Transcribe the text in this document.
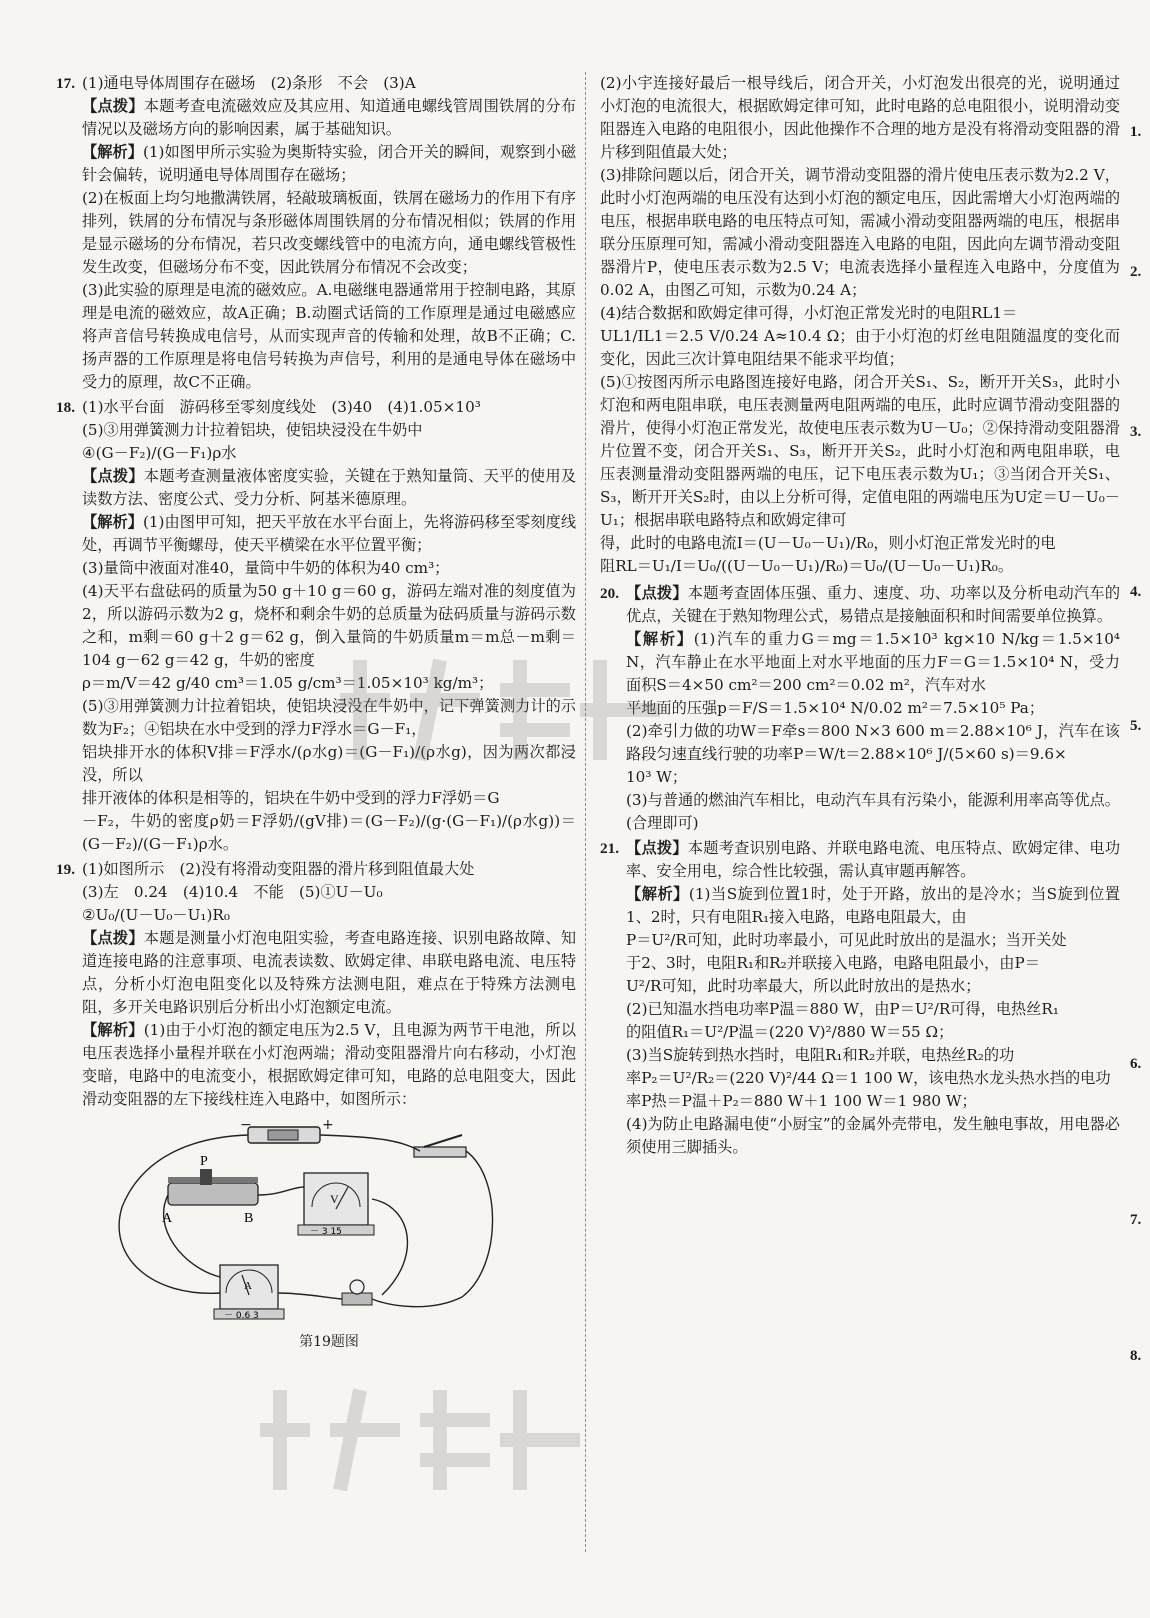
17. (1)通电导体周围存在磁场　(2)条形　不会　(3)A

【点拨】本题考查电流磁效应及其应用、知道通电螺线管周围铁屑的分布情况以及磁场方向的影响因素，属于基础知识。

【解析】(1)如图甲所示实验为奥斯特实验，闭合开关的瞬间，观察到小磁针会偏转，说明通电导体周围存在磁场；

(2)在板面上均匀地撒满铁屑，轻敲玻璃板面，铁屑在磁场力的作用下有序排列，铁屑的分布情况与条形磁体周围铁屑的分布情况相似；铁屑的作用是显示磁场的分布情况，若只改变螺线管中的电流方向，通电螺线管极性发生改变，但磁场分布不变，因此铁屑分布情况不会改变；

(3)此实验的原理是电流的磁效应。A.电磁继电器通常用于控制电路，其原理是电流的磁效应，故A正确；B.动圈式话筒的工作原理是通过电磁感应将声音信号转换成电信号，从而实现声音的传输和处理，故B不正确；C.扬声器的工作原理是将电信号转换为声信号，利用的是通电导体在磁场中受力的原理，故C不正确。

18. (1)水平台面　游码移至零刻度线处　(3)40　(4)1.05×10³

(5)③用弹簧测力计拉着铝块，使铝块浸没在牛奶中

④(G－F₂)/(G－F₁)ρ水

【点拨】本题考查测量液体密度实验，关键在于熟知量筒、天平的使用及读数方法、密度公式、受力分析、阿基米德原理。

【解析】(1)由图甲可知，把天平放在水平台面上，先将游码移至零刻度线处，再调节平衡螺母，使天平横梁在水平位置平衡；

(3)量筒中液面对准40，量筒中牛奶的体积为40 cm³；

(4)天平右盘砝码的质量为50 g＋10 g＝60 g，游码左端对准的刻度值为2，所以游码示数为2 g，烧杯和剩余牛奶的总质量为砝码质量与游码示数之和，m剩＝60 g＋2 g＝62 g，倒入量筒的牛奶质量m＝m总－m剩＝104 g－62 g＝42 g，牛奶的密度

ρ＝m/V＝42 g/40 cm³＝1.05 g/cm³＝1.05×10³ kg/m³；

(5)③用弹簧测力计拉着铝块，使铝块浸没在牛奶中，记下弹簧测力计的示数为F₂；④铝块在水中受到的浮力F浮水＝G－F₁，

铝块排开水的体积V排＝F浮水/(ρ水g)＝(G－F₁)/(ρ水g)，因为两次都浸没，所以

排开液体的体积是相等的，铝块在牛奶中受到的浮力F浮奶＝G

－F₂，牛奶的密度ρ奶＝F浮奶/(gV排)＝(G－F₂)/(g·(G－F₁)/(ρ水g))＝(G－F₂)/(G－F₁)ρ水。

19. (1)如图所示　(2)没有将滑动变阻器的滑片移到阻值最大处

(3)左　0.24　(4)10.4　不能　(5)①U－U₀

②U₀/(U－U₀－U₁)R₀

【点拨】本题是测量小灯泡电阻实验，考查电路连接、识别电路故障、知道连接电路的注意事项、电流表读数、欧姆定律、串联电路电流、电压特点，分析小灯泡电阻变化以及特殊方法测电阻，难点在于特殊方法测电阻，多开关电路识别后分析出小灯泡额定电流。

【解析】(1)由于小灯泡的额定电压为2.5 V，且电源为两节干电池，所以电压表选择小量程并联在小灯泡两端；滑动变阻器滑片向右移动，小灯泡变暗，电路中的电流变小，根据欧姆定律可知，电路的总电阻变大，因此滑动变阻器的左下接线柱连入电路中，如图所示：

−	+
P
A	B
V
－ 3 15
A
－ 0.6 3
第19题图

(2)小宇连接好最后一根导线后，闭合开关，小灯泡发出很亮的光，说明通过小灯泡的电流很大，根据欧姆定律可知，此时电路的总电阻很小，说明滑动变阻器连入电路的电阻很小，因此他操作不合理的地方是没有将滑动变阻器的滑片移到阻值最大处；

(3)排除问题以后，闭合开关，调节滑动变阻器的滑片使电压表示数为2.2 V，此时小灯泡两端的电压没有达到小灯泡的额定电压，因此需增大小灯泡两端的电压，根据串联电路的电压特点可知，需减小滑动变阻器两端的电压，根据串联分压原理可知，需减小滑动变阻器连入电路的电阻，因此向左调节滑动变阻器滑片P，使电压表示数为2.5 V；电流表选择小量程连入电路中，分度值为0.02 A，由图乙可知，示数为0.24 A；

(4)结合数据和欧姆定律可得，小灯泡正常发光时的电阻RL1＝

UL1/IL1＝2.5 V/0.24 A≈10.4 Ω；由于小灯泡的灯丝电阻随温度的变化而变化，因此三次计算电阻结果不能求平均值；

(5)①按图丙所示电路图连接好电路，闭合开关S₁、S₂，断开开关S₃，此时小灯泡和两电阻串联，电压表测量两电阻两端的电压，此时应调节滑动变阻器的滑片，使得小灯泡正常发光，故使电压表示数为U－U₀；②保持滑动变阻器滑片位置不变，闭合开关S₁、S₃，断开开关S₂，此时小灯泡和两电阻串联，电压表测量滑动变阻器两端的电压，记下电压表示数为U₁；③当闭合开关S₁、S₃，断开开关S₂时，由以上分析可得，定值电阻的两端电压为U定＝U－U₀－U₁；根据串联电路特点和欧姆定律可

得，此时的电路电流I＝(U－U₀－U₁)/R₀，则小灯泡正常发光时的电

阻RL＝U₁/I＝U₀/((U－U₀－U₁)/R₀)＝U₀/(U－U₀－U₁)R₀。

20. 【点拨】本题考查固体压强、重力、速度、功、功率以及分析电动汽车的优点，关键在于熟知物理公式，易错点是接触面积和时间需要单位换算。

【解析】(1)汽车的重力G＝mg＝1.5×10³ kg×10 N/kg＝1.5×10⁴ N，汽车静止在水平地面上对水平地面的压力F＝G＝1.5×10⁴ N，受力面积S＝4×50 cm²＝200 cm²＝0.02 m²，汽车对水

平地面的压强p＝F/S＝1.5×10⁴ N/0.02 m²＝7.5×10⁵ Pa；

(2)牵引力做的功W＝F牵s＝800 N×3 600 m＝2.88×10⁶ J，汽车在该路段匀速直线行驶的功率P＝W/t＝2.88×10⁶ J/(5×60 s)＝9.6×

10³ W；

(3)与普通的燃油汽车相比，电动汽车具有污染小，能源利用率高等优点。(合理即可)

21. 【点拨】本题考查识别电路、并联电路电流、电压特点、欧姆定律、电功率、安全用电，综合性比较强，需认真审题再解答。

【解析】(1)当S旋到位置1时，处于开路，放出的是冷水；当S旋到位置1、2时，只有电阻R₁接入电路，电路电阻最大，由

P＝U²/R可知，此时功率最小，可见此时放出的是温水；当开关处

于2、3时，电阻R₁和R₂并联接入电路，电路电阻最小，由P＝

U²/R可知，此时功率最大，所以此时放出的是热水；

(2)已知温水挡电功率P温＝880 W，由P＝U²/R可得，电热丝R₁

的阻值R₁＝U²/P温＝(220 V)²/880 W＝55 Ω；

(3)当S旋转到热水挡时，电阻R₁和R₂并联，电热丝R₂的功

率P₂＝U²/R₂＝(220 V)²/44 Ω＝1 100 W，该电热水龙头热水挡的电功

率P热＝P温＋P₂＝880 W＋1 100 W＝1 980 W；

(4)为防止电路漏电使“小厨宝”的金属外壳带电，发生触电事故，用电器必须使用三脚插头。

1.
2.
3.
4.
5.
6.
7.
8.
